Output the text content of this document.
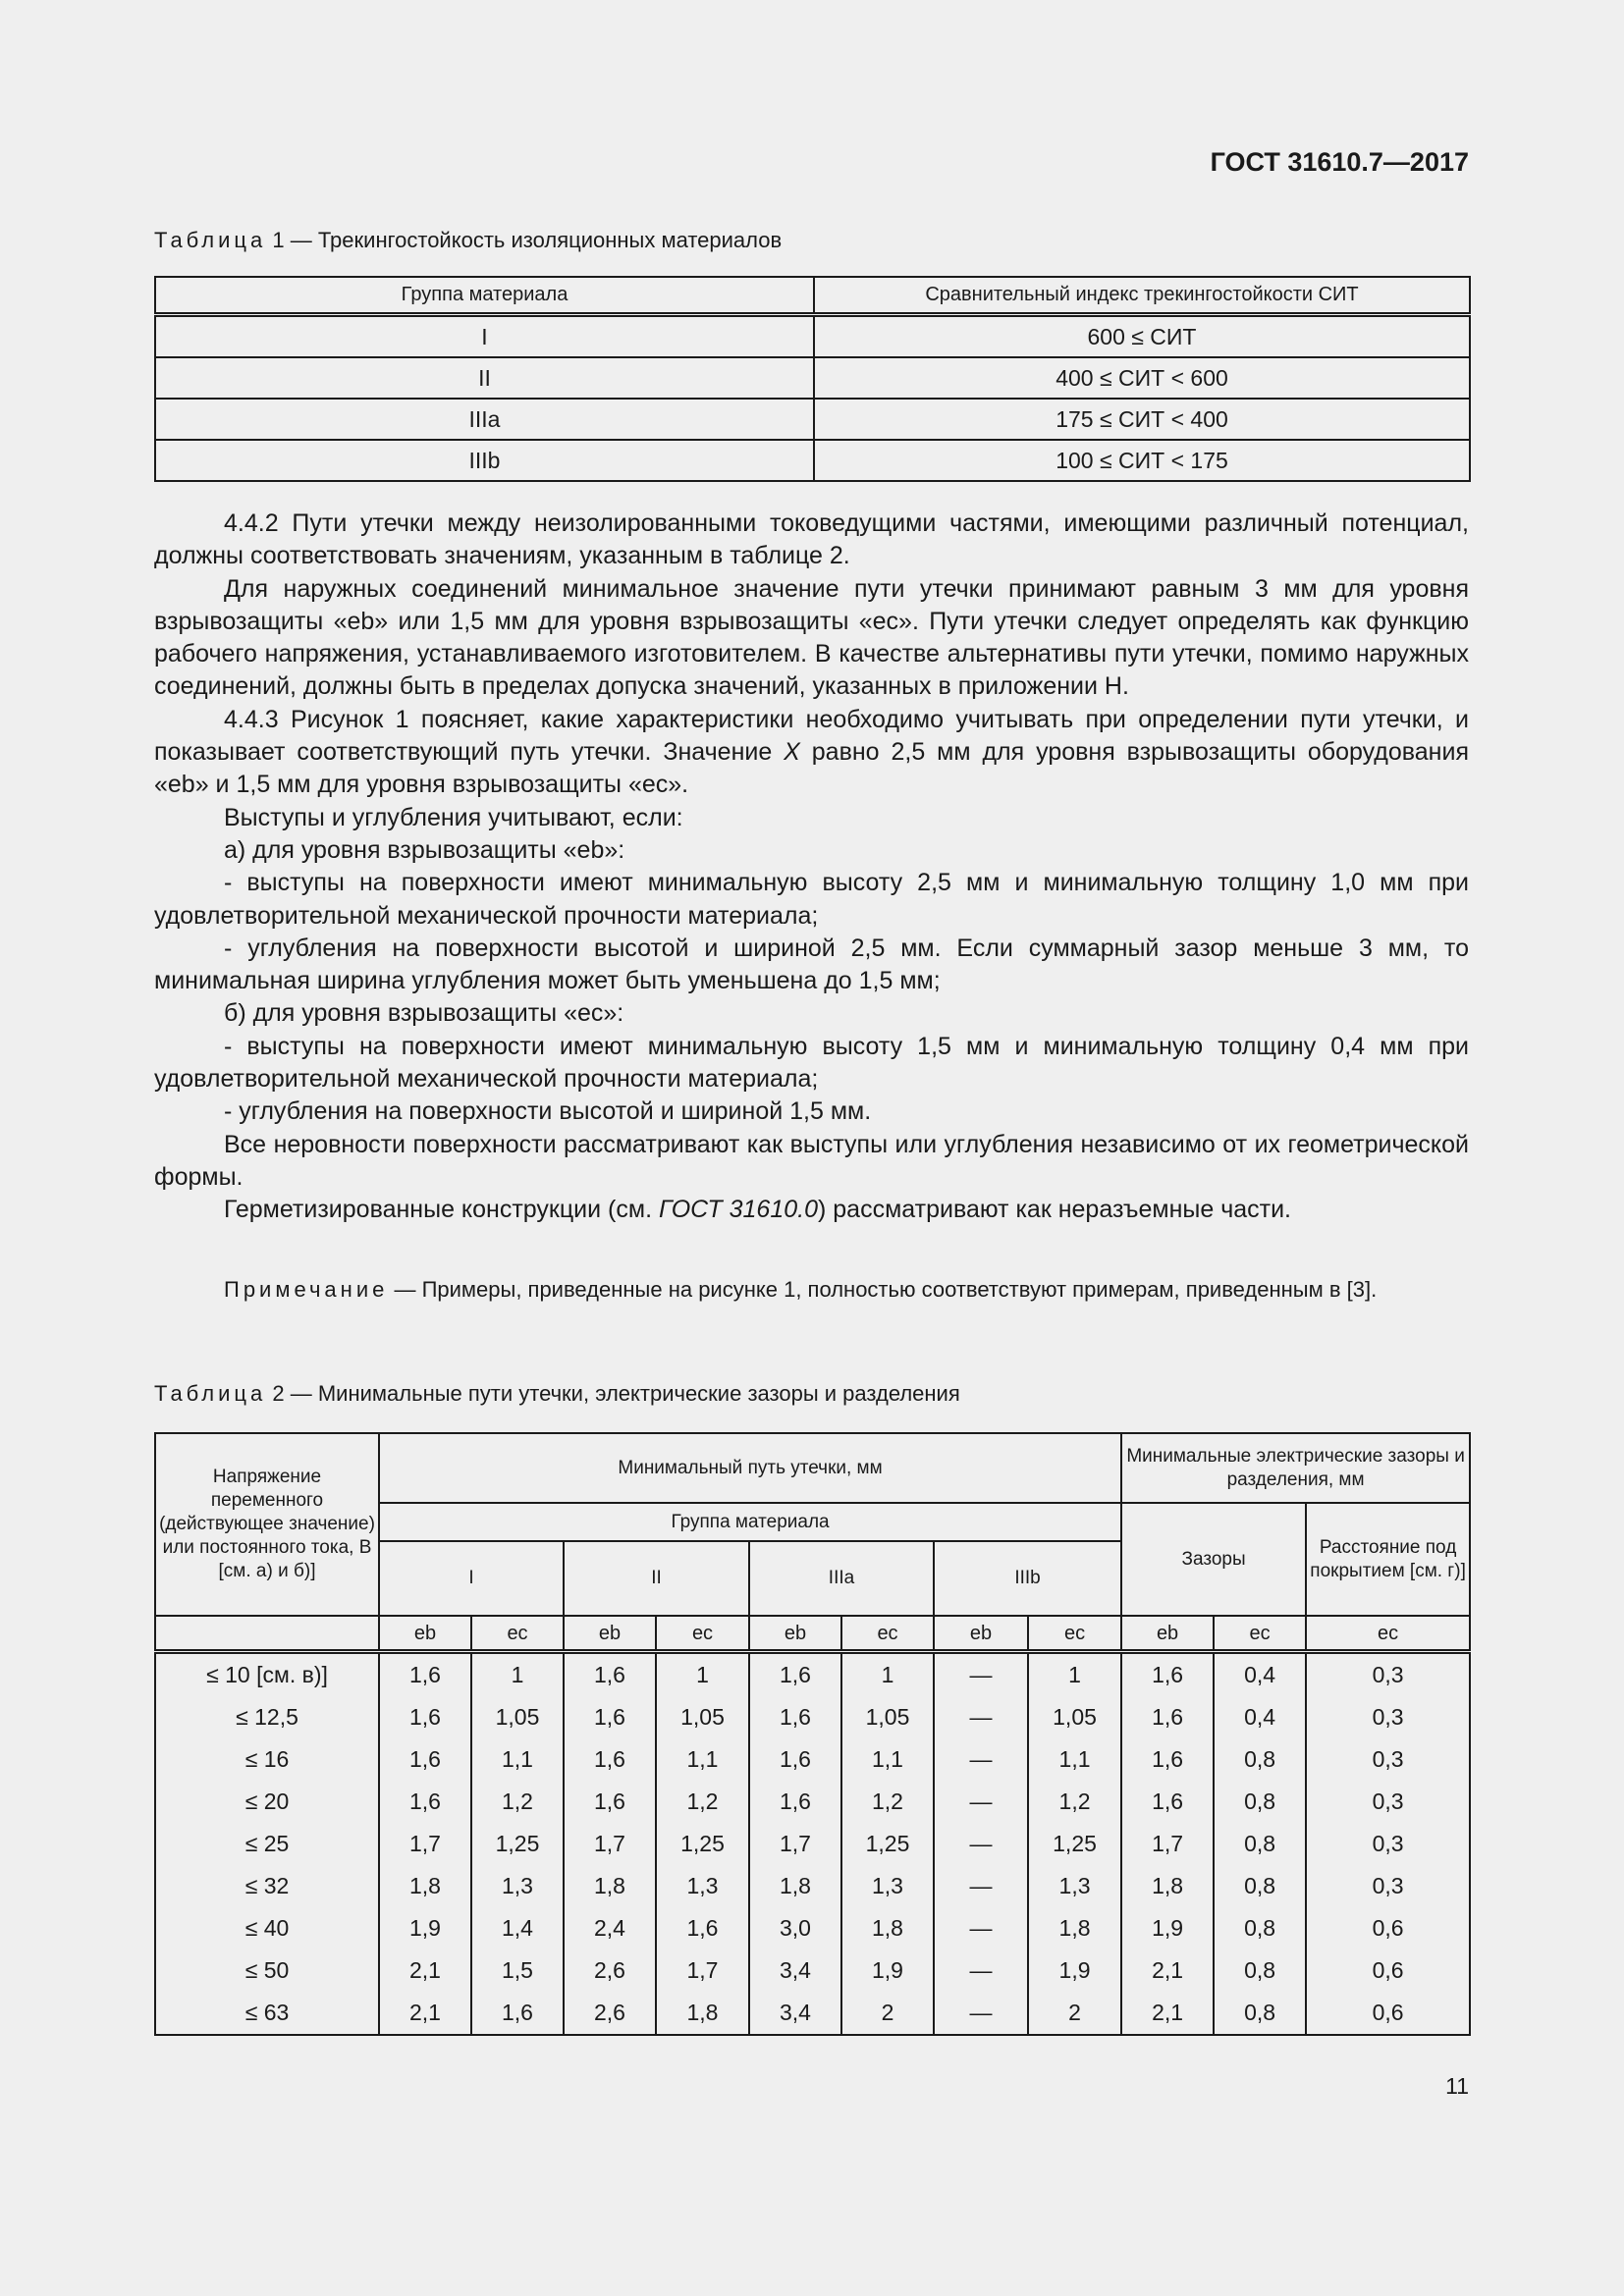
ГОСТ 31610.7—2017
Таблица 1 — Трекингостойкость изоляционных материалов
Группа материала	Сравнительный индекс трекингостойкости СИТ
I	600 ≤ СИТ
II	400 ≤ СИТ < 600
IIIa	175 ≤ СИТ < 400
IIIb	100 ≤ СИТ < 175

4.4.2 Пути утечки между неизолированными токоведущими частями, имеющими различный потенциал, должны соответствовать значениям, указанным в таблице 2.

Для наружных соединений минимальное значение пути утечки принимают равным 3 мм для уровня взрывозащиты «eb» или 1,5 мм для уровня взрывозащиты «ec». Пути утечки следует определять как функцию рабочего напряжения, устанавливаемого изготовителем. В качестве альтернативы пути утечки, помимо наружных соединений, должны быть в пределах допуска значений, указанных в приложении Н.

4.4.3 Рисунок 1 поясняет, какие характеристики необходимо учитывать при определении пути утечки, и показывает соответствующий путь утечки. Значение X равно 2,5 мм для уровня взрывозащиты оборудования «eb» и 1,5 мм для уровня взрывозащиты «ec».

Выступы и углубления учитывают, если:

а) для уровня взрывозащиты «eb»:

- выступы на поверхности имеют минимальную высоту 2,5 мм и минимальную толщину 1,0 мм при удовлетворительной механической прочности материала;

- углубления на поверхности высотой и шириной 2,5 мм. Если суммарный зазор меньше 3 мм, то минимальная ширина углубления может быть уменьшена до 1,5 мм;

б) для уровня взрывозащиты «ec»:

- выступы на поверхности имеют минимальную высоту 1,5 мм и минимальную толщину 0,4 мм при удовлетворительной механической прочности материала;

- углубления на поверхности высотой и шириной 1,5 мм.

Все неровности поверхности рассматривают как выступы или углубления независимо от их геометрической формы.

Герметизированные конструкции (см. ГОСТ 31610.0) рассматривают как неразъемные части.

Примечание — Примеры, приведенные на рисунке 1, полностью соответствуют примерам, приведенным в [3].
Таблица 2 — Минимальные пути утечки, электрические зазоры и разделения
Напряжение переменного (действующее значение) или постоянного тока, В [см. а) и б)]	Минимальный путь утечки, мм								Минимальные электрические зазоры и разделения, мм		
	Группа материала								Зазоры		Расстояние под покрытием [см. г)]
	I		II		IIIa		IIIb				
	eb	ec	eb	ec	eb	ec	eb	ec	eb	ec	ec
≤ 10 [см. в)]	1,6	1	1,6	1	1,6	1	—	1	1,6	0,4	0,3
≤ 12,5	1,6	1,05	1,6	1,05	1,6	1,05	—	1,05	1,6	0,4	0,3
≤ 16	1,6	1,1	1,6	1,1	1,6	1,1	—	1,1	1,6	0,8	0,3
≤ 20	1,6	1,2	1,6	1,2	1,6	1,2	—	1,2	1,6	0,8	0,3
≤ 25	1,7	1,25	1,7	1,25	1,7	1,25	—	1,25	1,7	0,8	0,3
≤ 32	1,8	1,3	1,8	1,3	1,8	1,3	—	1,3	1,8	0,8	0,3
≤ 40	1,9	1,4	2,4	1,6	3,0	1,8	—	1,8	1,9	0,8	0,6
≤ 50	2,1	1,5	2,6	1,7	3,4	1,9	—	1,9	2,1	0,8	0,6
≤ 63	2,1	1,6	2,6	1,8	3,4	2	—	2	2,1	0,8	0,6
11
